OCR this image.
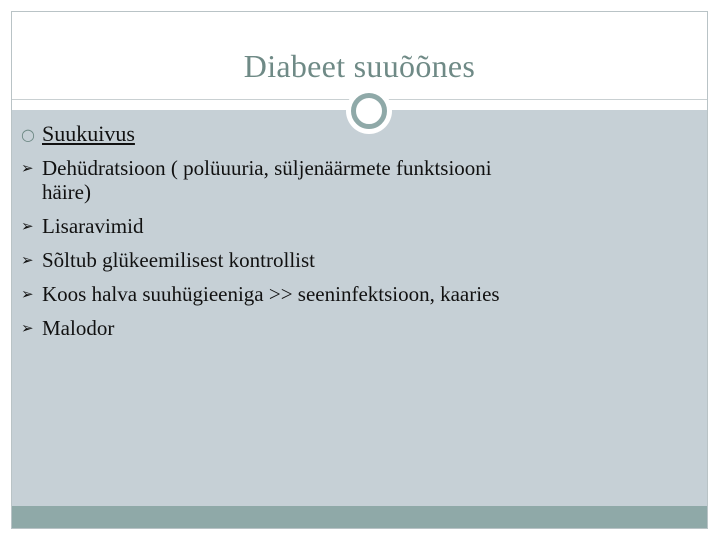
Diabeet suuõõnes
○ Suukuivus
➢ Dehüdratsioon ( polüuuria, süljenäärmete funktsiooni
häire)
➢ Lisaravimid
➢ Sõltub glükeemilisest kontrollist
➢ Koos halva suuhügieeniga >> seeninfektsioon, kaaries
➢ Malodor
